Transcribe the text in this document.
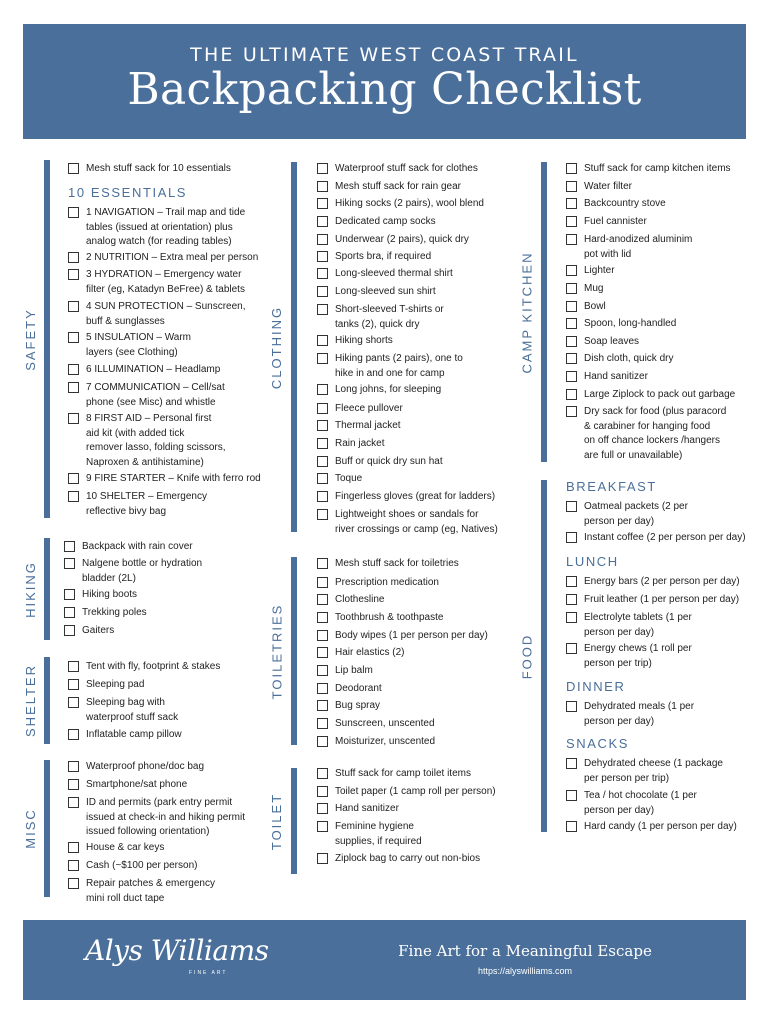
THE ULTIMATE WEST COAST TRAIL
Backpacking Checklist
SAFETY
HIKING
SHELTER
MISC
CLOTHING
TOILETRIES
TOILET
CAMP KITCHEN
FOOD
Alys Williams
FINE ART
Fine Art for a Meaningful Escape
https://alyswilliams.com
Mesh stuff sack for 10 essentials
10 ESSENTIALS
1 NAVIGATION – Trail map and tide
tables (issued at orientation) plus
analog watch (for reading tables)
2 NUTRITION – Extra meal per person
3 HYDRATION – Emergency water
filter (eg, Katadyn BeFree) & tablets
4 SUN PROTECTION – Sunscreen,
buff & sunglasses
5 INSULATION – Warm
layers (see Clothing)
6 ILLUMINATION – Headlamp
7 COMMUNICATION – Cell/sat
phone (see Misc) and whistle
8 FIRST AID – Personal first
aid kit (with added tick
remover lasso, folding scissors,
Naproxen & antihistamine)
9 FIRE STARTER – Knife with ferro rod
10 SHELTER – Emergency
reflective bivy bag
Backpack with rain cover
Nalgene bottle or hydration
bladder (2L)
Hiking boots
Trekking poles
Gaiters
Tent with fly, footprint & stakes
Sleeping pad
Sleeping bag with
waterproof stuff sack
Inflatable camp pillow
Waterproof phone/doc bag
Smartphone/sat phone
ID and permits (park entry permit
issued at check-in and hiking permit
issued following orientation)
House & car keys
Cash (~$100 per person)
Repair patches & emergency
mini roll duct tape
Waterproof stuff sack for clothes
Mesh stuff sack for rain gear
Hiking socks (2 pairs), wool blend
Dedicated camp socks
Underwear (2 pairs), quick dry
Sports bra, if required
Long-sleeved thermal shirt
Long-sleeved sun shirt
Short-sleeved T-shirts or
tanks (2), quick dry
Hiking shorts
Hiking pants (2 pairs), one to
hike in and one for camp
Long johns, for sleeping
Fleece pullover
Thermal jacket
Rain jacket
Buff or quick dry sun hat
Toque
Fingerless gloves (great for ladders)
Lightweight shoes or sandals for
river crossings or camp (eg, Natives)
Mesh stuff sack for toiletries
Prescription medication
Clothesline
Toothbrush & toothpaste
Body wipes (1 per person per day)
Hair elastics (2)
Lip balm
Deodorant
Bug spray
Sunscreen, unscented
Moisturizer, unscented
Stuff sack for camp toilet items
Toilet paper (1 camp roll per person)
Hand sanitizer
Feminine hygiene
supplies, if required
Ziplock bag to carry out non-bios
Stuff sack for camp kitchen items
Water filter
Backcountry stove
Fuel cannister
Hard-anodized aluminim
pot with lid
Lighter
Mug
Bowl
Spoon, long-handled
Soap leaves
Dish cloth, quick dry
Hand sanitizer
Large Ziplock to pack out garbage
Dry sack for food (plus paracord
& carabiner for hanging food
on off chance lockers /hangers
are full or unavailable)
BREAKFAST
Oatmeal packets (2 per
person per day)
Instant coffee (2 per person per day)
LUNCH
Energy bars (2 per person per day)
Fruit leather (1 per person per day)
Electrolyte tablets (1 per
person per day)
Energy chews (1 roll per
person per trip)
DINNER
Dehydrated meals (1 per
person per day)
SNACKS
Dehydrated cheese (1 package
per person per trip)
Tea / hot chocolate (1 per
person per day)
Hard candy (1 per person per day)
